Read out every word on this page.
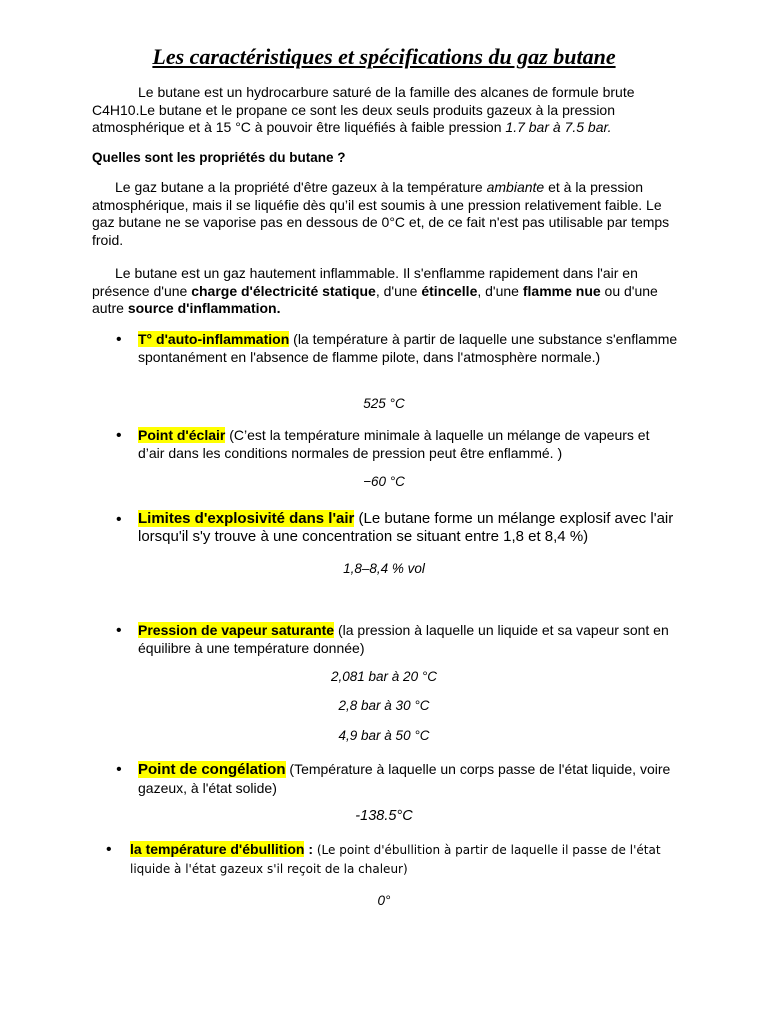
Les caractéristiques et spécifications du gaz butane
Le butane est un hydrocarbure saturé de la famille des alcanes de formule brute C4H10.Le butane et le propane ce sont les deux seuls produits gazeux à la pression atmosphérique et à 15 °C à pouvoir être liquéfiés à faible pression 1.7 bar à 7.5 bar.
Quelles sont les propriétés du butane ?
Le gaz butane a la propriété d'être gazeux à la température ambiante et à la pression atmosphérique, mais il se liquéfie dès qu’il est soumis à une pression relativement faible. Le gaz butane ne se vaporise pas en dessous de 0°C et, de ce fait n'est pas utilisable par temps froid.
Le butane est un gaz hautement inflammable. Il s'enflamme rapidement dans l'air en présence d'une charge d'électricité statique, d'une étincelle, d'une flamme nue ou d'une autre source d'inflammation.
• T° d'auto-inflammation (la température à partir de laquelle une substance s'enflamme spontanément en l'absence de flamme pilote, dans l'atmosphère normale.)
525 °C
• Point d'éclair (C’est la température minimale à laquelle un mélange de vapeurs et d’air dans les conditions normales de pression peut être enflammé. )
−60 °C
• Limites d'explosivité dans l'air (Le butane forme un mélange explosif avec l'air lorsqu'il s'y trouve à une concentration se situant entre 1,8 et 8,4 %)
1,8–8,4 % vol
• Pression de vapeur saturante (la pression à laquelle un liquide et sa vapeur sont en équilibre à une température donnée)
2,081 bar à 20 °C
2,8 bar à 30 °C
4,9 bar à 50 °C
• Point de congélation (Température à laquelle un corps passe de l'état liquide, voire gazeux, à l'état solide)
-138.5°C
• la température d'ébullition : (Le point d'ébullition à partir de laquelle il passe de l'état liquide à l'état gazeux s'il reçoit de la chaleur)
0°
